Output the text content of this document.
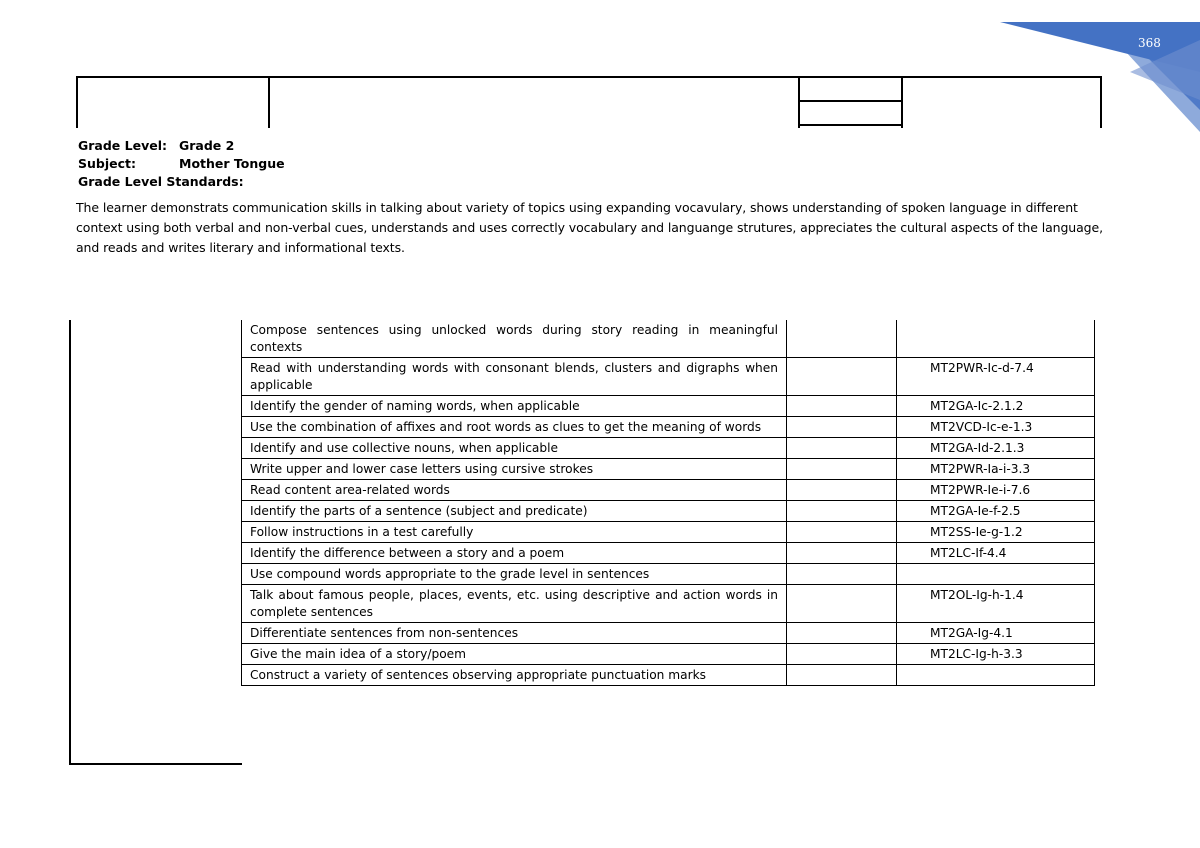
368
Grade Level: Grade 2
Subject:	Mother Tongue
Grade Level Standards:
The learner demonstrats communication skills in talking about variety of topics using expanding vocavulary, shows understanding of spoken language in different context using both verbal and non-verbal cues, understands and uses correctly vocabulary and languange strutures, appreciates the cultural aspects of the language, and reads and writes literary and informational texts.
Compose sentences using unlocked words during story reading in meaningful contexts		
Read with understanding words with consonant blends, clusters and digraphs when applicable		MT2PWR-Ic-d-7.4
Identify the gender of naming words, when applicable		MT2GA-Ic-2.1.2
Use the combination of affixes and root words as clues to get the meaning of words		MT2VCD-Ic-e-1.3
Identify and use collective nouns, when applicable		MT2GA-Id-2.1.3
Write upper and lower case letters using cursive strokes		MT2PWR-Ia-i-3.3
Read content area-related words		MT2PWR-Ie-i-7.6
Identify the parts of a sentence (subject and predicate)		MT2GA-Ie-f-2.5
Follow instructions in a test carefully		MT2SS-Ie-g-1.2
Identify the difference between a story and a poem		MT2LC-If-4.4
Use compound words appropriate to the grade level in sentences		
Talk about famous people, places, events, etc. using descriptive and action words in complete sentences		MT2OL-Ig-h-1.4
Differentiate sentences from non-sentences		MT2GA-Ig-4.1
Give the main idea of a story/poem		MT2LC-Ig-h-3.3
Construct a variety of sentences observing appropriate punctuation marks		
